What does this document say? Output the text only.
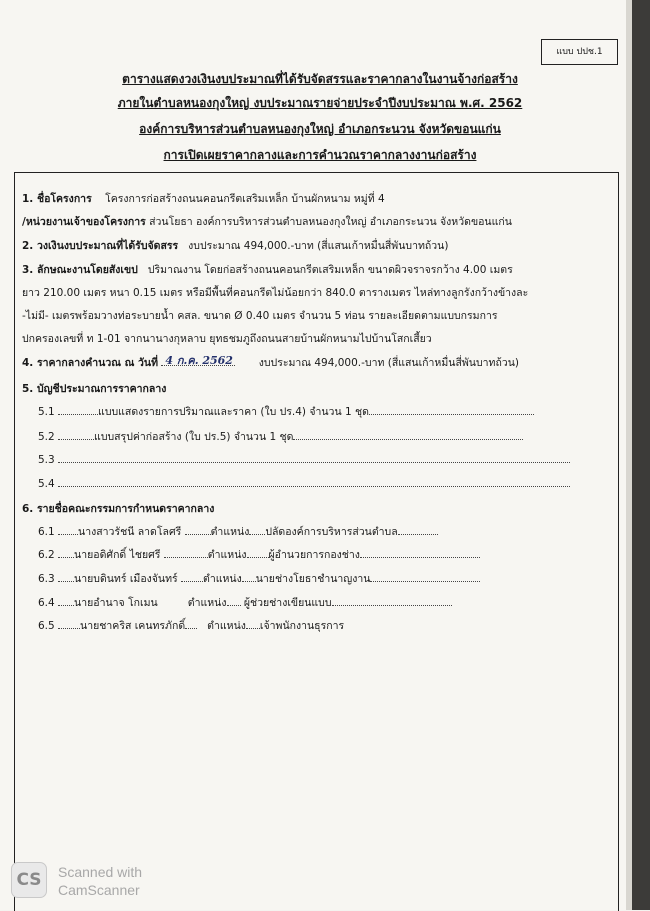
แบบ ปปช.1
ตารางแสดงวงเงินงบประมาณที่ได้รับจัดสรรและราคากลางในงานจ้างก่อสร้าง
ภายในตำบลหนองกุงใหญ่ งบประมาณรายจ่ายประจำปีงบประมาณ พ.ศ. 2562
องค์การบริหารส่วนตำบลหนองกุงใหญ่ อำเภอกระนวน จังหวัดขอนแก่น
การเปิดเผยราคากลางและการคำนวณราคากลางงานก่อสร้าง
1. ชื่อโครงการ โครงการก่อสร้างถนนคอนกรีตเสริมเหล็ก บ้านผักหนาม หมู่ที่ 4
/หน่วยงานเจ้าของโครงการ ส่วนโยธา องค์การบริหารส่วนตำบลหนองกุงใหญ่ อำเภอกระนวน จังหวัดขอนแก่น
2. วงเงินงบประมาณที่ได้รับจัดสรร งบประมาณ 494,000.-บาท (สี่แสนเก้าหมื่นสี่พันบาทถ้วน)
3. ลักษณะงานโดยสังเขป ปริมาณงาน โดยก่อสร้างถนนคอนกรีตเสริมเหล็ก ขนาดผิวจราจรกว้าง 4.00 เมตร
ยาว 210.00 เมตร หนา 0.15 เมตร หรือมีพื้นที่คอนกรีตไม่น้อยกว่า 840.0 ตารางเมตร ไหล่ทางลูกรังกว้างข้างละ
-ไม่มี- เมตรพร้อมวางท่อระบายน้ำ คสล. ขนาด Ø 0.40 เมตร จำนวน 5 ท่อน รายละเอียดตามแบบกรมการ
ปกครองเลขที่ ท 1-01 จากนานางกุหลาบ ยุทธชมภูถึงถนนสายบ้านผักหนามไปบ้านโสกเสี้ยว
4. ราคากลางคำนวณ ณ วันที่ 4 ก.ค. 2562 งบประมาณ 494,000.-บาท (สี่แสนเก้าหมื่นสี่พันบาทถ้วน)
5. บัญชีประมาณการราคากลาง
5.1	แบบแสดงรายการปริมาณและราคา (ใบ ปร.4) จำนวน 1 ชุด
5.2	แบบสรุปค่าก่อสร้าง (ใบ ปร.5) จำนวน 1 ชุด
5.3
5.4
6. รายชื่อคณะกรรมการกำหนดราคากลาง
6.1 นางสาวรัชนี ลาดโลศรี	ตำแหน่ง ปลัดองค์การบริหารส่วนตำบล
6.2 นายอดิศักดิ์ ไชยศรี	ตำแหน่ง ผู้อำนวยการกองช่าง
6.3 นายบดินทร์ เมืองจันทร์ ตำแหน่ง นายช่างโยธาชำนาญงาน
6.4 นายอำนาจ โกเมน	ตำแหน่ง ผู้ช่วยช่างเขียนแบบ
6.5 นายชาคริส เคนทรภักดิ์ ตำแหน่ง เจ้าพนักงานธุรการ
CS	Scanned with
CamScanner
